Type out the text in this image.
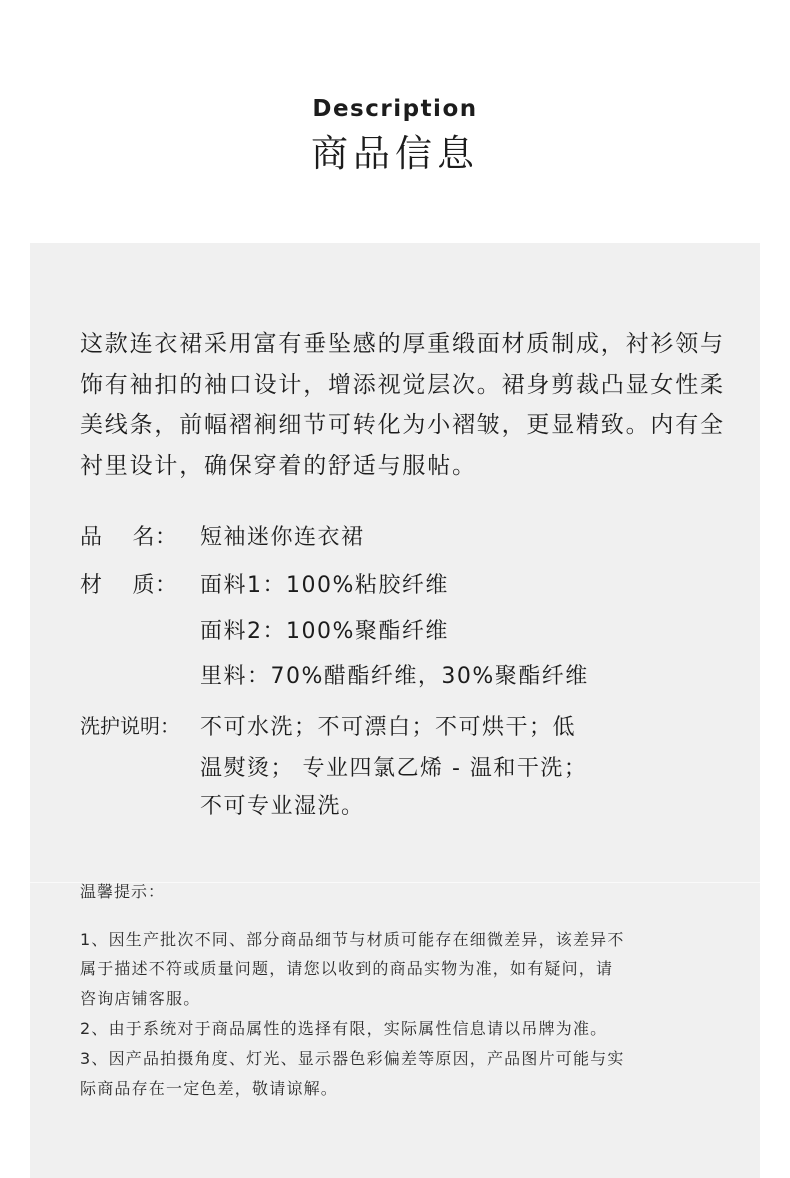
Description
商品信息

这款连衣裙采用富有垂坠感的厚重缎面材质制成，衬衫领与饰有袖扣的袖口设计，增添视觉层次。裙身剪裁凸显女性柔美线条，前幅褶裥细节可转化为小褶皱，更显精致。内有全衬里设计，确保穿着的舒适与服帖。

品    名： 短袖迷你连衣裙
材    质： 面料1：100%粘胶纤维
面料2：100%聚酯纤维
里料：70%醋酯纤维，30%聚酯纤维
洗护说明： 不可水洗；不可漂白；不可烘干；低
温熨烫； 专业四氯乙烯 - 温和干洗；
不可专业湿洗。
温馨提示：
1、因生产批次不同、部分商品细节与材质可能存在细微差异，该差异不
属于描述不符或质量问题，请您以收到的商品实物为准，如有疑问，请
咨询店铺客服。
2、由于系统对于商品属性的选择有限，实际属性信息请以吊牌为准。
3、因产品拍摄角度、灯光、显示器色彩偏差等原因，产品图片可能与实
际商品存在一定色差，敬请谅解。
